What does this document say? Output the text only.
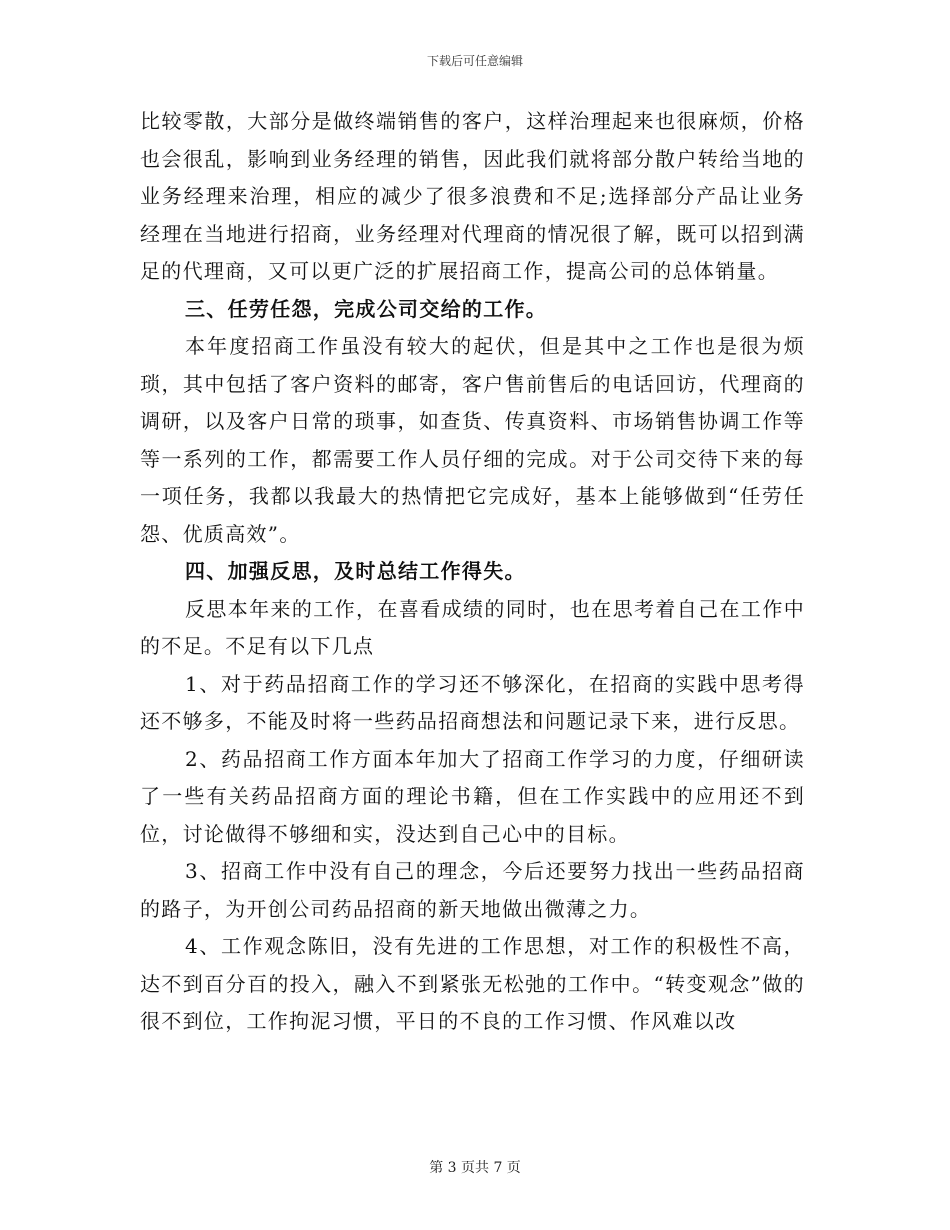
下载后可任意编辑

比较零散，大部分是做终端销售的客户，这样治理起来也很麻烦，价格也会很乱，影响到业务经理的销售，因此我们就将部分散户转给当地的业务经理来治理，相应的减少了很多浪费和不足;选择部分产品让业务经理在当地进行招商，业务经理对代理商的情况很了解，既可以招到满足的代理商，又可以更广泛的扩展招商工作，提高公司的总体销量。

三、任劳任怨，完成公司交给的工作。

本年度招商工作虽没有较大的起伏，但是其中之工作也是很为烦琐，其中包括了客户资料的邮寄，客户售前售后的电话回访，代理商的调研，以及客户日常的琐事，如查货、传真资料、市场销售协调工作等等一系列的工作，都需要工作人员仔细的完成。对于公司交待下来的每一项任务，我都以我最大的热情把它完成好，基本上能够做到“任劳任怨、优质高效”。

四、加强反思，及时总结工作得失。

反思本年来的工作，在喜看成绩的同时，也在思考着自己在工作中的不足。不足有以下几点

1、对于药品招商工作的学习还不够深化，在招商的实践中思考得还不够多，不能及时将一些药品招商想法和问题记录下来，进行反思。

2、药品招商工作方面本年加大了招商工作学习的力度，仔细研读了一些有关药品招商方面的理论书籍，但在工作实践中的应用还不到位，讨论做得不够细和实，没达到自己心中的目标。

3、招商工作中没有自己的理念，今后还要努力找出一些药品招商的路子，为开创公司药品招商的新天地做出微薄之力。

4、工作观念陈旧，没有先进的工作思想，对工作的积极性不高，达不到百分百的投入，融入不到紧张无松弛的工作中。“转变观念”做的很不到位，工作拘泥习惯，平日的不良的工作习惯、作风难以改

第 3 页共 7 页
